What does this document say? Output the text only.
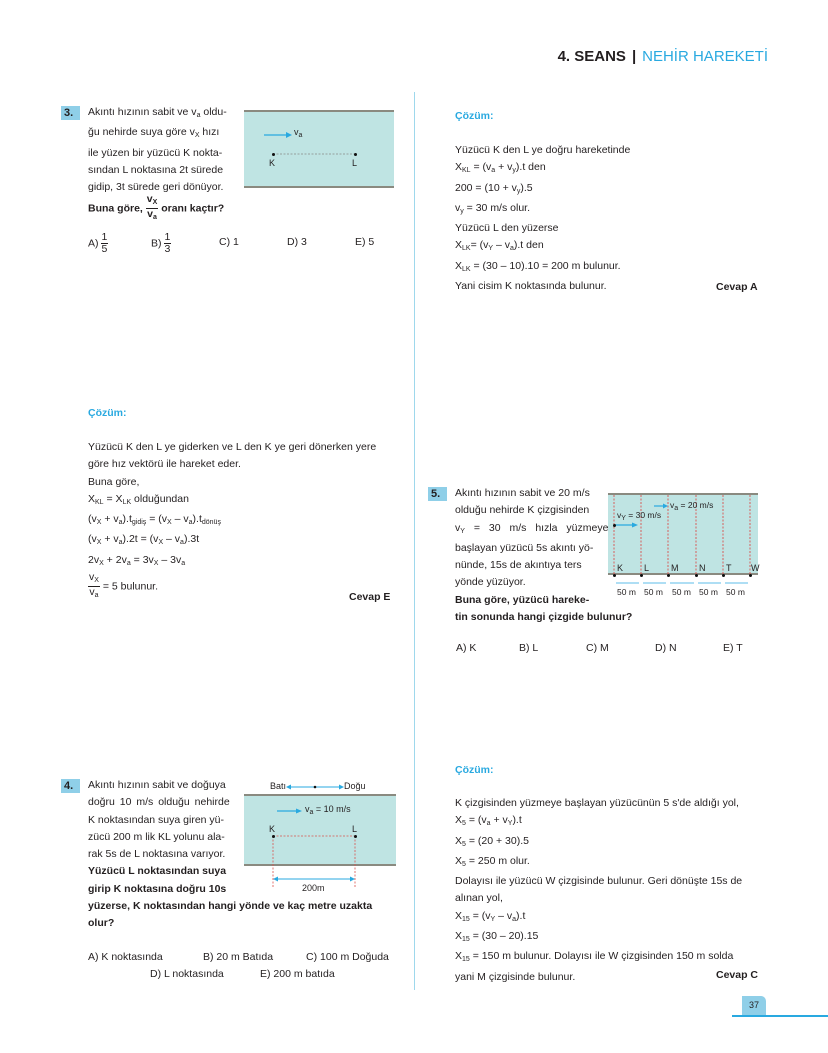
4. SEANS | NEHİR HAREKETİ
3.	Akıntı hızının sabit ve $v_a$ oldu-
ğu nehirde suya göre $v_X$ hızı
ile yüzen bir yüzücü K nokta-
sından L noktasına 2t sürede
gidip, 3t sürede geri dönüyor.
Buna göre, $\frac{v_X}{v_a}$ oranı kaçtır?
$v_a$
K	L
$A) \frac{1}{5}$	$B) \frac{1}{3}$	C) 1	D) 3	E) 5
Çözüm:
Yüzücü K den L ye giderken ve L den K ye geri dönerken yere
göre hız vektörü ile hareket eder.
Buna göre,
$X_{KL} = X_{LK}$ olduğundan
$(v_X + v_a).t_{gidiş} = (v_X - v_a).t_{dönüş}$
$(v_X + v_a).2t = (v_X - v_a).3t$
$2v_X + 2v_a = 3v_X - 3v_a$
$\frac{v_X}{v_a} = 5$ bulunur.
Cevap E
Çözüm:
Yüzücü K den L ye doğru hareketinde
$X_{KL} = (v_a + v_y).t$ den
$200 = (10 + v_y).5$
$v_y = 30$ m/s olur.
Yüzücü L den yüzerse
$X_{LK}= (v_Y - v_a).t$ den
$X_{LK} = (30 - 10).10 = 200$ m bulunur.
Yani cisim K noktasında bulunur.	Cevap A
5.	Akıntı hızının sabit ve 20 m/s
olduğu nehirde K çizgisinden
$v_Y = 30$ m/s hızla yüzmeye
başlayan yüzücü 5s akıntı yö-
nünde, 15s de akıntıya ters
yönde yüzüyor.
Buna göre, yüzücü hareke-
tin sonunda hangi çizgide bulunur?
$v_a = 20$ m/s
$v_Y = 30$ m/s
K L M N T W
50 m 50 m 50 m 50 m 50 m
A) K	B) L	C) M	D) N	E) T
4.	Akıntı hızının sabit ve doğuya
doğru 10 m/s olduğu nehirde
K noktasından suya giren yü-
zücü 200 m lik KL yolunu ala-
rak 5s de L noktasına varıyor.
Yüzücü L noktasından suya
girip K noktasına doğru 10s
yüzerse, K noktasından hangi yönde ve kaç metre uzakta
olur?
Batı	Doğu
$v_a = 10$ m/s
K	L
200m
A) K noktasında	B) 20 m Batıda	C) 100 m Doğuda
D) L noktasında	E) 200 m batıda
Çözüm:
K çizgisinden yüzmeye başlayan yüzücünün 5 s'de aldığı yol,
$X_5 = (v_a + v_Y).t$
$X_5 = (20 + 30).5$
$X_5 = 250$ m olur.
Dolayısı ile yüzücü W çizgisinde bulunur. Geri dönüşte 15s de
alınan yol,
$X_{15} = (v_Y - v_a).t$
$X_{15} = (30 - 20).15$
$X_{15} = 150$ m bulunur. Dolayısı ile W çizgisinden 150 m solda
yani M çizgisinde bulunur.	Cevap C
37
